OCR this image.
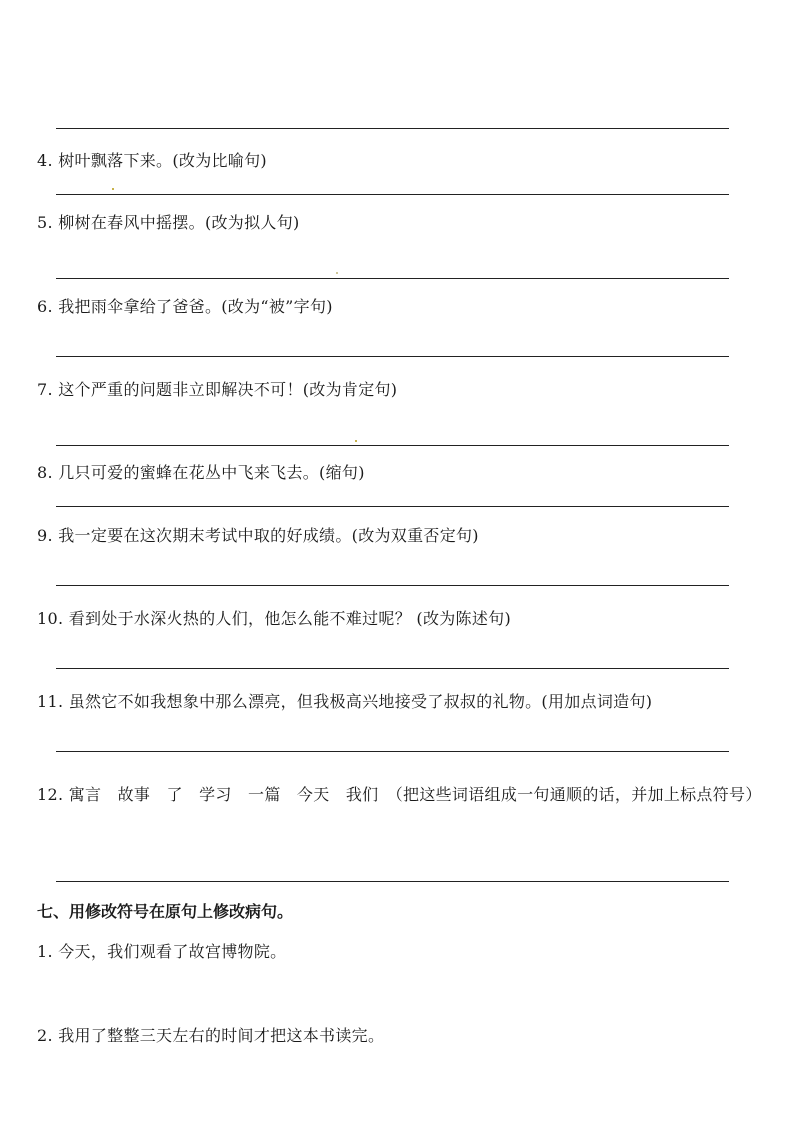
4. 树叶飘落下来。(改为比喻句)
5. 柳树在春风中摇摆。(改为拟人句)
6. 我把雨伞拿给了爸爸。(改为“被”字句)
7. 这个严重的问题非立即解决不可！(改为肯定句)
8. 几只可爱的蜜蜂在花丛中飞来飞去。(缩句)
9. 我一定要在这次期末考试中取的好成绩。(改为双重否定句)
10. 看到处于水深火热的人们，他怎么能不难过呢？ (改为陈述句)
11. 虽然它不如我想象中那么漂亮，但我极高兴地接受了叔叔的礼物。(用加点词造句)
12. 寓言　故事　了　学习　一篇　今天　我们　（把这些词语组成一句通顺的话，并加上标点符号）
七、用修改符号在原句上修改病句。
1. 今天，我们观看了故宫博物院。
2. 我用了整整三天左右的时间才把这本书读完。
